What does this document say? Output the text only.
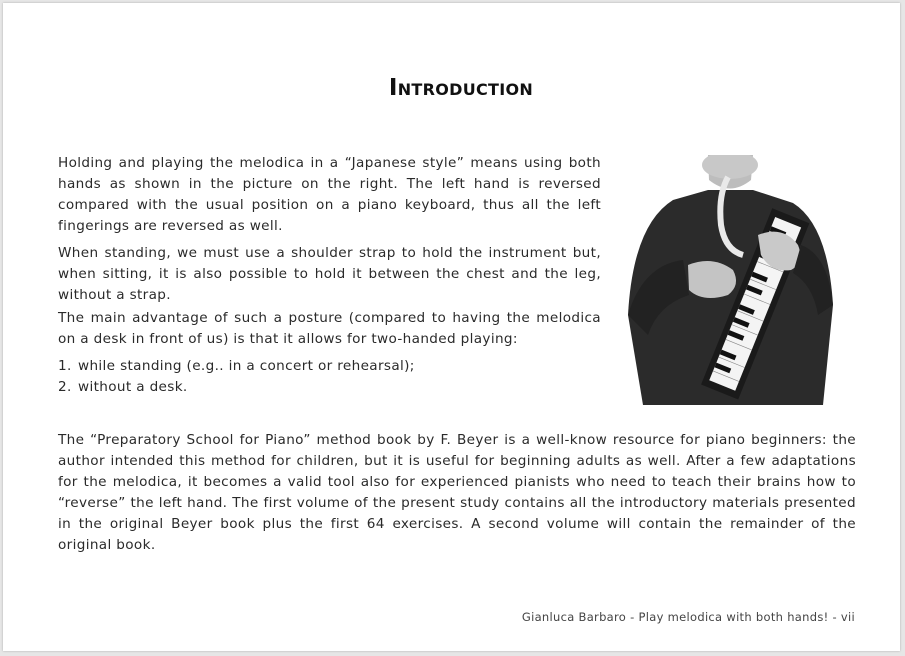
Introduction

Holding and playing the melodica in a “Japanese style” means using both hands as shown in the picture on the right. The left hand is reversed compared with the usual position on a piano keyboard, thus all the left fingerings are reversed as well.

When standing, we must use a shoulder strap to hold the instrument but, when sitting, it is also possible to hold it between the chest and the leg, without a strap.

The main advantage of such a posture (compared to having the melodica on a desk in front of us) is that it allows for two-handed playing:

1. while standing (e.g.. in a concert or rehearsal);
2. without a desk.

The “Preparatory School for Piano” method book by F. Beyer is a well-know resource for piano beginners: the author intended this method for children, but it is useful for beginning adults as well. After a few adaptations for the melodica, it becomes a valid tool also for experienced pianists who need to teach their brains how to “reverse” the left hand. The first volume of the present study contains all the introductory materials presented in the original Beyer book plus the first 64 exercises. A second volume will contain the remainder of the original book.

Gianluca Barbaro - Play melodica with both hands! - vii
